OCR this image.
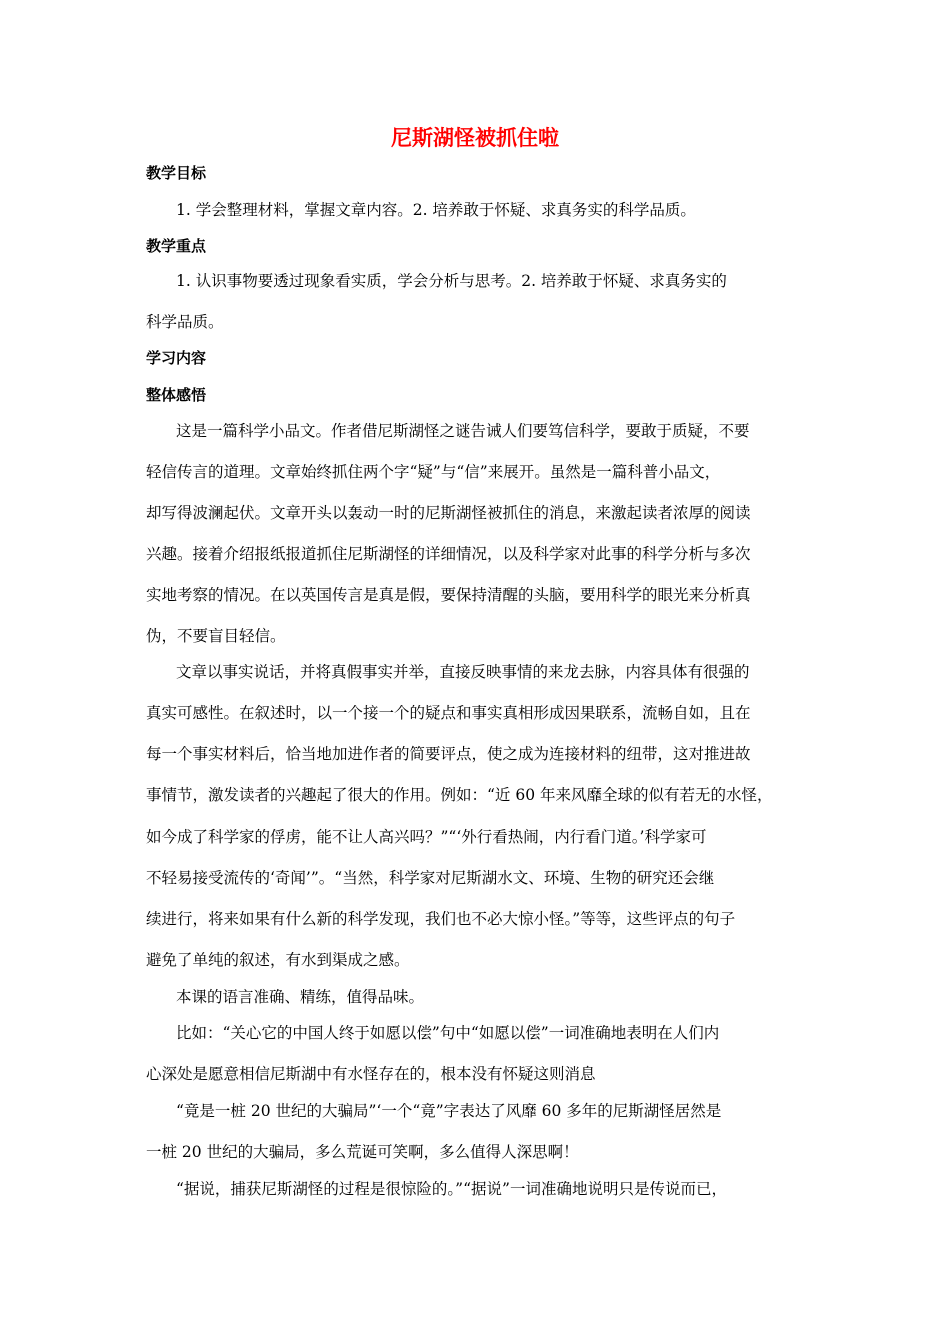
尼斯湖怪被抓住啦
教学目标
1. 学会整理材料，掌握文章内容。2. 培养敢于怀疑、求真务实的科学品质。
教学重点
1. 认识事物要透过现象看实质，学会分析与思考。2. 培养敢于怀疑、求真务实的
科学品质。
学习内容
整体感悟
这是一篇科学小品文。作者借尼斯湖怪之谜告诫人们要笃信科学，要敢于质疑，不要
轻信传言的道理。文章始终抓住两个字“疑”与“信”来展开。虽然是一篇科普小品文，
却写得波澜起伏。文章开头以轰动一时的尼斯湖怪被抓住的消息，来激起读者浓厚的阅读
兴趣。接着介绍报纸报道抓住尼斯湖怪的详细情况，以及科学家对此事的科学分析与多次
实地考察的情况。在以英国传言是真是假，要保持清醒的头脑，要用科学的眼光来分析真
伪，不要盲目轻信。
文章以事实说话，并将真假事实并举，直接反映事情的来龙去脉，内容具体有很强的
真实可感性。在叙述时，以一个接一个的疑点和事实真相形成因果联系，流畅自如，且在
每一个事实材料后，恰当地加进作者的简要评点，使之成为连接材料的纽带，这对推进故
事情节，激发读者的兴趣起了很大的作用。例如：“近 60 年来风靡全球的似有若无的水怪，
如今成了科学家的俘虏，能不让人高兴吗？”“‘外行看热闹，内行看门道。’科学家可
不轻易接受流传的‘奇闻’”。“当然，科学家对尼斯湖水文、环境、生物的研究还会继
续进行，将来如果有什么新的科学发现，我们也不必大惊小怪。”等等，这些评点的句子
避免了单纯的叙述，有水到渠成之感。
本课的语言准确、精练，值得品味。
比如：“关心它的中国人终于如愿以偿”句中“如愿以偿”一词准确地表明在人们内
心深处是愿意相信尼斯湖中有水怪存在的，根本没有怀疑这则消息
“竟是一桩 20 世纪的大骗局”‘一个“竟”字表达了风靡 60 多年的尼斯湖怪居然是
一桩 20 世纪的大骗局，多么荒诞可笑啊，多么值得人深思啊！
“据说，捕获尼斯湖怪的过程是很惊险的。”“据说”一词准确地说明只是传说而已，
